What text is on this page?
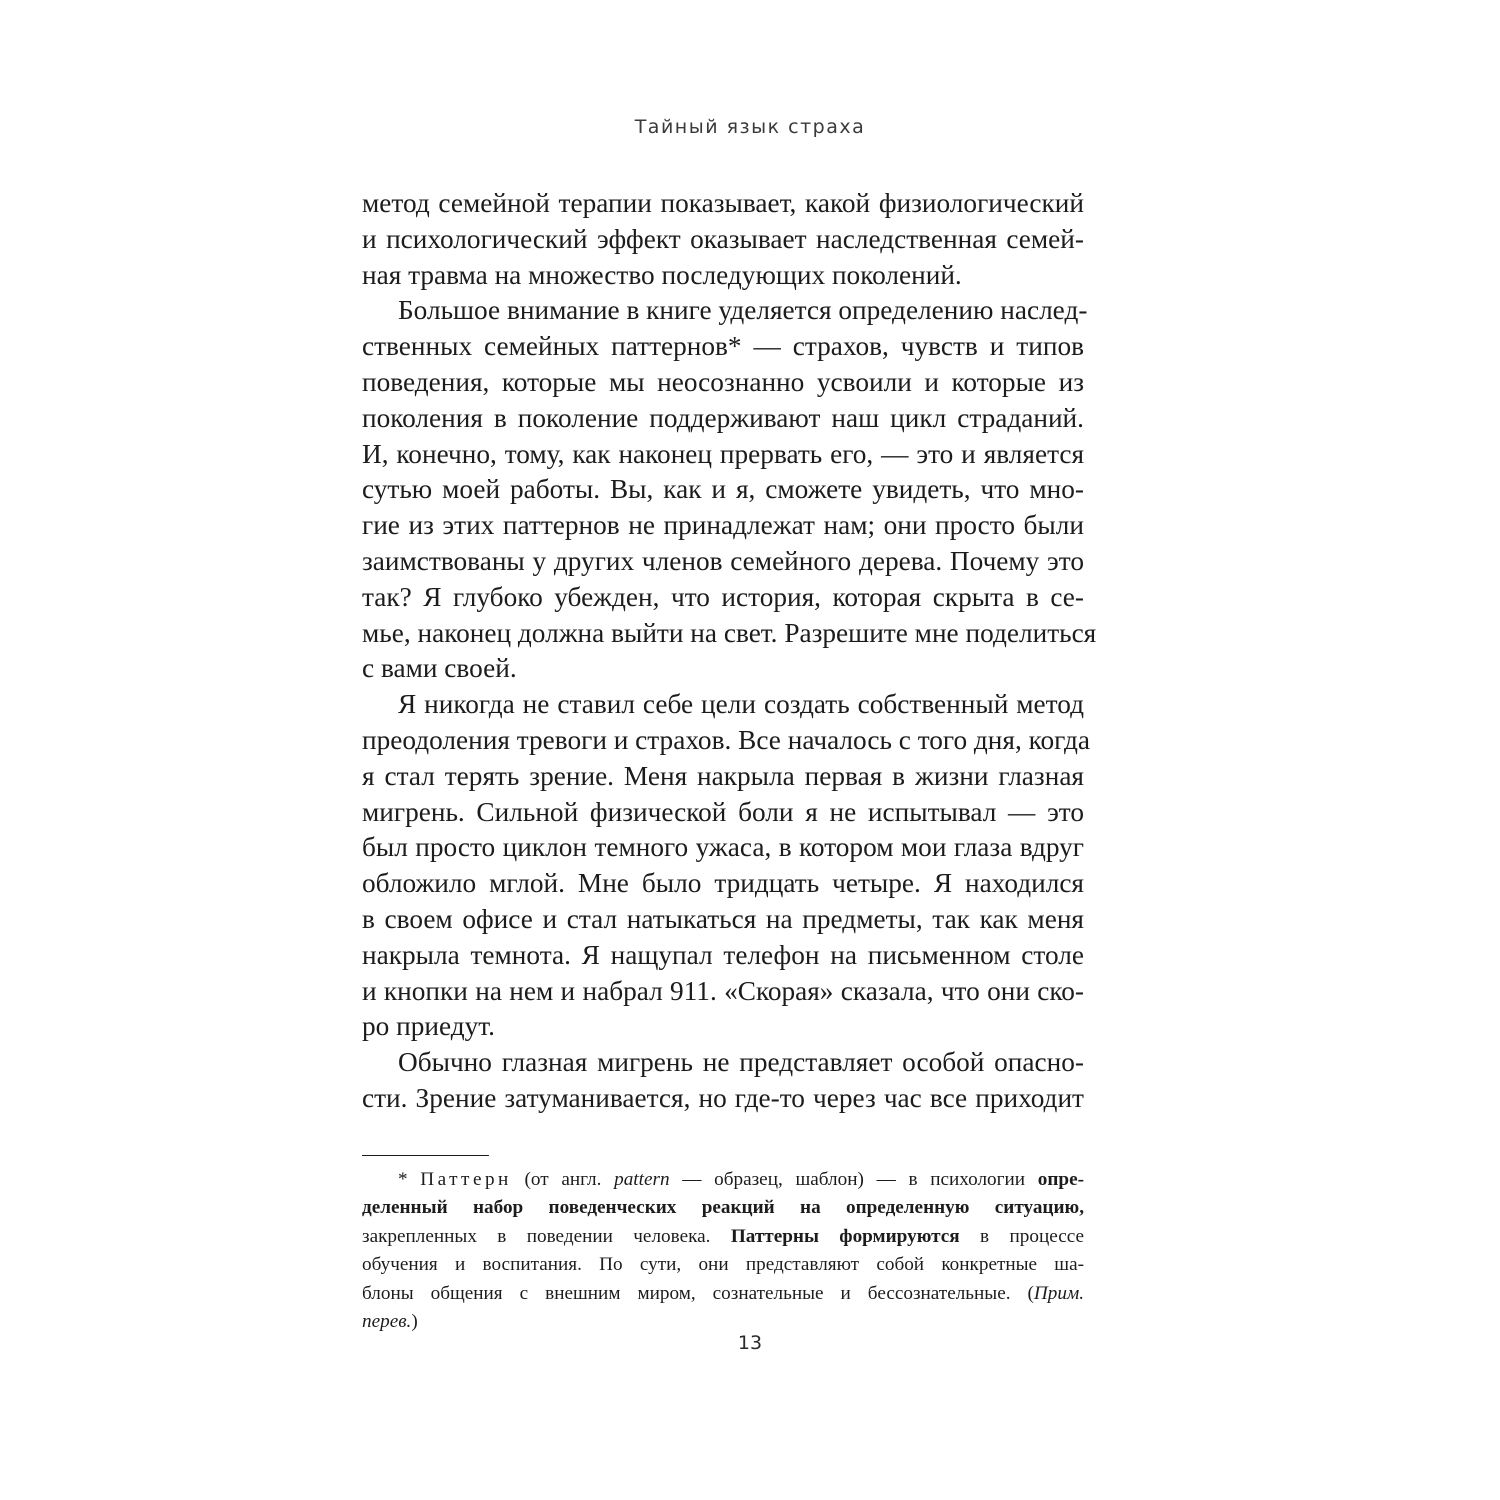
Тайный язык страха
метод семейной терапии показывает, какой физиологический
и психологический эффект оказывает наследственная семей-
ная травма на множество последующих поколений.
Большое внимание в книге уделяется определению наслед-
ственных семейных паттернов* — страхов, чувств и типов
поведения, которые мы неосознанно усвоили и которые из
поколения в поколение поддерживают наш цикл страданий.
И, конечно, тому, как наконец прервать его, — это и является
сутью моей работы. Вы, как и я, сможете увидеть, что мно-
гие из этих паттернов не принадлежат нам; они просто были
заимствованы у других членов семейного дерева. Почему это
так? Я глубоко убежден, что история, которая скрыта в се-
мье, наконец должна выйти на свет. Разрешите мне поделиться
с вами своей.
Я никогда не ставил себе цели создать собственный метод
преодоления тревоги и страхов. Все началось с того дня, когда
я стал терять зрение. Меня накрыла первая в жизни глазная
мигрень. Сильной физической боли я не испытывал — это
был просто циклон темного ужаса, в котором мои глаза вдруг
обложило мглой. Мне было тридцать четыре. Я находился
в своем офисе и стал натыкаться на предметы, так как меня
накрыла темнота. Я нащупал телефон на письменном столе
и кнопки на нем и набрал 911. «Скорая» сказала, что они ско-
ро приедут.
Обычно глазная мигрень не представляет особой опасно-
сти. Зрение затуманивается, но где-то через час все приходит
* Паттерн (от англ. pattern — образец, шаблон) — в психологии опре-
деленный набор поведенческих реакций на определенную ситуацию,
закрепленных в поведении человека. Паттерны формируются в процессе
обучения и воспитания. По сути, они представляют собой конкретные ша-
блоны общения с внешним миром, сознательные и бессознательные. (Прим.
перев.)
13
